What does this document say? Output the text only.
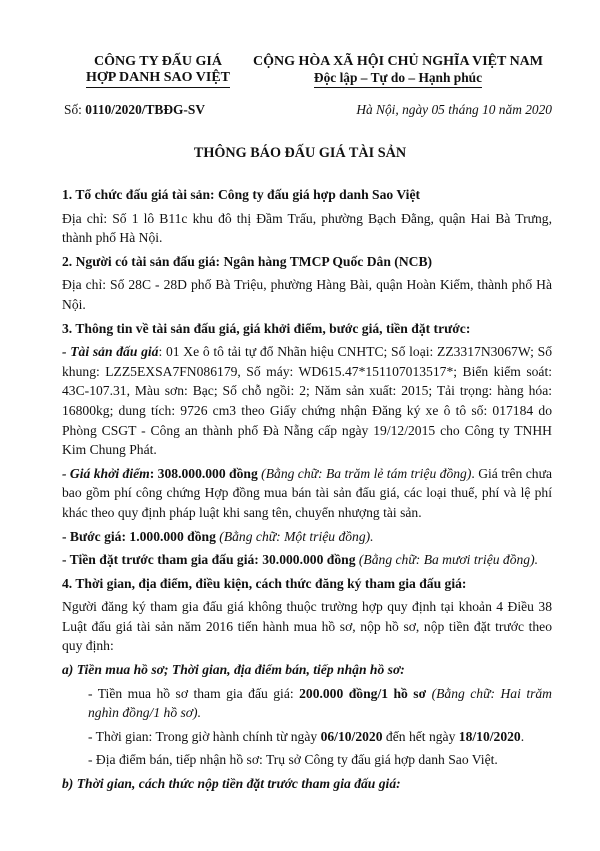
CÔNG TY ĐẤU GIÁ
HỢP DANH SAO VIỆT
CỘNG HÒA XÃ HỘI CHỦ NGHĨA VIỆT NAM
Độc lập – Tự do – Hạnh phúc
Số: 0110/2020/TBĐG-SV	Hà Nội, ngày 05 tháng 10 năm 2020
THÔNG BÁO ĐẤU GIÁ TÀI SẢN

1. Tổ chức đấu giá tài sản: Công ty đấu giá hợp danh Sao Việt

Địa chỉ: Số 1 lô B11c khu đô thị Đầm Trấu, phường Bạch Đằng, quận Hai Bà Trưng, thành phố Hà Nội.

2. Người có tài sản đấu giá: Ngân hàng TMCP Quốc Dân (NCB)

Địa chỉ: Số 28C - 28D phố Bà Triệu, phường Hàng Bài, quận Hoàn Kiếm, thành phố Hà Nội.

3. Thông tin về tài sản đấu giá, giá khởi điểm, bước giá, tiền đặt trước:

- Tài sản đấu giá: 01 Xe ô tô tải tự đổ Nhãn hiệu CNHTC; Số loại: ZZ3317N3067W; Số khung: LZZ5EXSA7FN086179, Số máy: WD615.47*151107013517*; Biển kiểm soát: 43C-107.31, Màu sơn: Bạc; Số chỗ ngồi: 2; Năm sản xuất: 2015; Tải trọng: hàng hóa: 16800kg; dung tích: 9726 cm3 theo Giấy chứng nhận Đăng ký xe ô tô số: 017184 do Phòng CSGT - Công an thành phố Đà Nẵng cấp ngày 19/12/2015 cho Công ty TNHH Kim Chung Phát.

- Giá khởi điểm: 308.000.000 đồng (Bằng chữ: Ba trăm lẻ tám triệu đồng). Giá trên chưa bao gồm phí công chứng Hợp đồng mua bán tài sản đấu giá, các loại thuế, phí và lệ phí khác theo quy định pháp luật khi sang tên, chuyển nhượng tài sản.

- Bước giá: 1.000.000 đồng (Bằng chữ: Một triệu đồng).

- Tiền đặt trước tham gia đấu giá: 30.000.000 đồng (Bằng chữ: Ba mươi triệu đồng).

4. Thời gian, địa điểm, điều kiện, cách thức đăng ký tham gia đấu giá:

Người đăng ký tham gia đấu giá không thuộc trường hợp quy định tại khoản 4 Điều 38 Luật đấu giá tài sản năm 2016 tiến hành mua hồ sơ, nộp hồ sơ, nộp tiền đặt trước theo quy định:

a) Tiền mua hồ sơ; Thời gian, địa điểm bán, tiếp nhận hồ sơ:

- Tiền mua hồ sơ tham gia đấu giá: 200.000 đồng/1 hồ sơ (Bằng chữ: Hai trăm nghìn đồng/1 hồ sơ).

- Thời gian: Trong giờ hành chính từ ngày 06/10/2020 đến hết ngày 18/10/2020.

- Địa điểm bán, tiếp nhận hồ sơ: Trụ sở Công ty đấu giá hợp danh Sao Việt.

b) Thời gian, cách thức nộp tiền đặt trước tham gia đấu giá:
